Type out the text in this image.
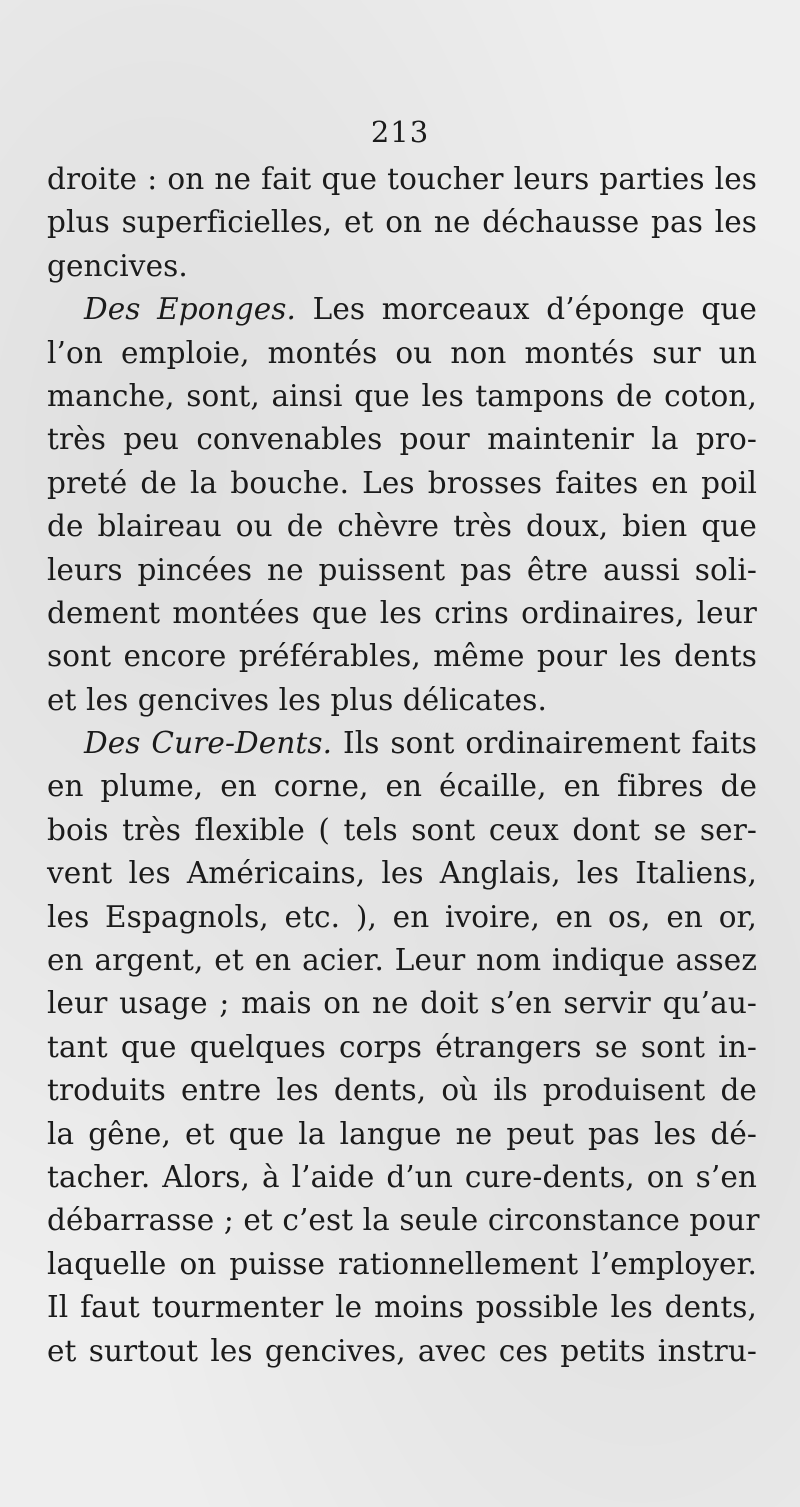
213
droite : on ne fait que toucher leurs parties les
plus superficielles, et on ne déchausse pas les
gencives.
Des Eponges. Les morceaux d’éponge que
l’on emploie, montés ou non montés sur un
manche, sont, ainsi que les tampons de coton,
très peu convenables pour maintenir la pro-
preté de la bouche. Les brosses faites en poil
de blaireau ou de chèvre très doux, bien que
leurs pincées ne puissent pas être aussi soli-
dement montées que les crins ordinaires, leur
sont encore préférables, même pour les dents
et les gencives les plus délicates.
Des Cure-Dents. Ils sont ordinairement faits
en plume, en corne, en écaille, en fibres de
bois très flexible ( tels sont ceux dont se ser-
vent les Américains, les Anglais, les Italiens,
les Espagnols, etc. ), en ivoire, en os, en or,
en argent, et en acier. Leur nom indique assez
leur usage ; mais on ne doit s’en servir qu’au-
tant que quelques corps étrangers se sont in-
troduits entre les dents, où ils produisent de
la gêne, et que la langue ne peut pas les dé-
tacher. Alors, à l’aide d’un cure-dents, on s’en
débarrasse ; et c’est la seule circonstance pour
laquelle on puisse rationnellement l’employer.
Il faut tourmenter le moins possible les dents,
et surtout les gencives, avec ces petits instru-
